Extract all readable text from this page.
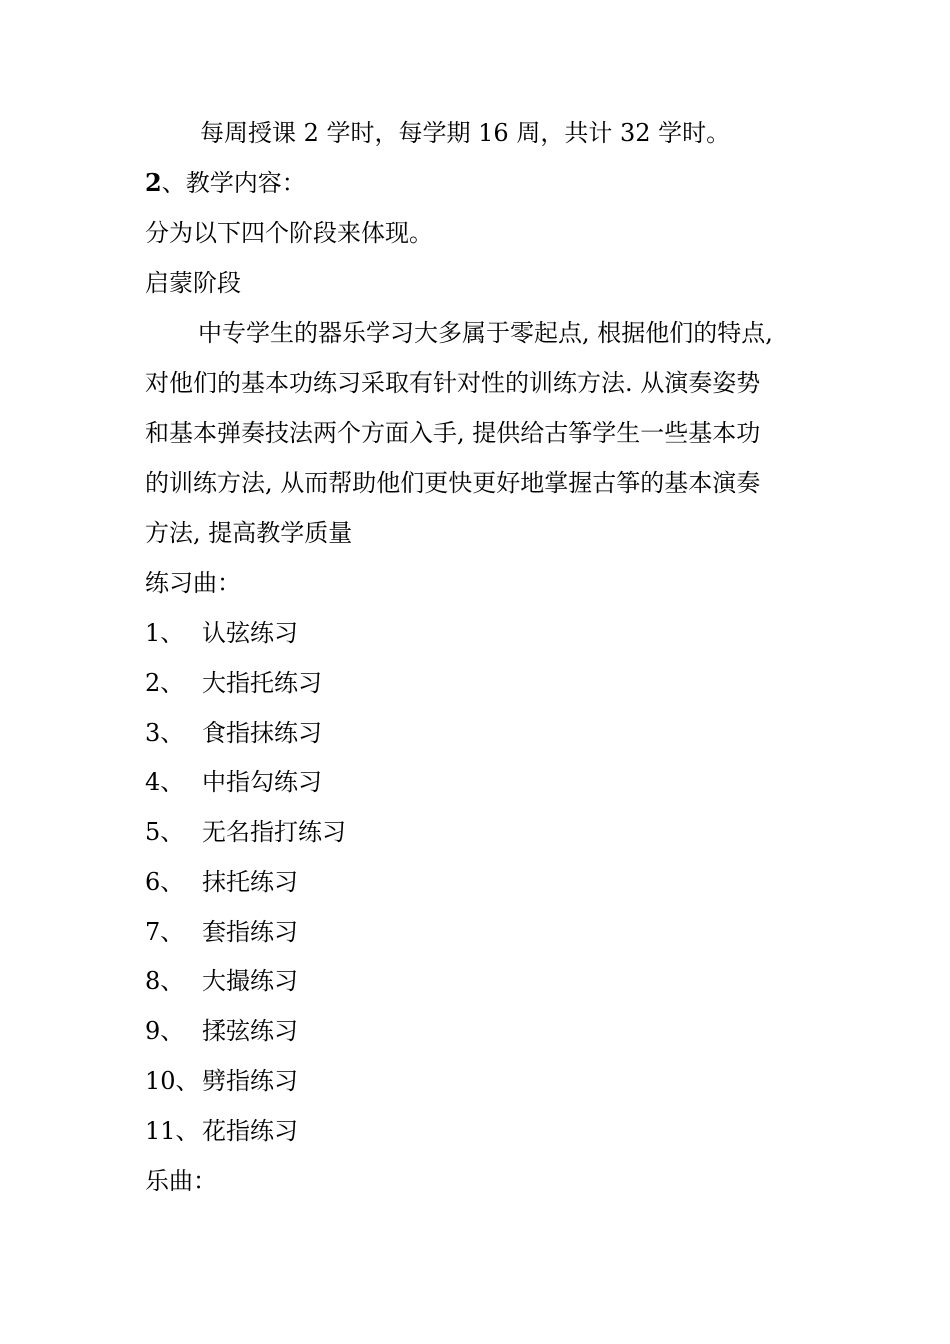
每周授课 2 学时，每学期 16 周，共计 32 学时。
2、教学内容：
分为以下四个阶段来体现。
启蒙阶段
中专学生的器乐学习大多属于零起点, 根据他们的特点,
对他们的基本功练习采取有针对性的训练方法. 从演奏姿势
和基本弹奏技法两个方面入手, 提供给古筝学生一些基本功
的训练方法, 从而帮助他们更快更好地掌握古筝的基本演奏
方法, 提高教学质量
练习曲：
1、 认弦练习
2、 大指托练习
3、 食指抹练习
4、 中指勾练习
5、 无名指打练习
6、 抹托练习
7、 套指练习
8、 大撮练习
9、 揉弦练习
10、 劈指练习
11、 花指练习
乐曲：
